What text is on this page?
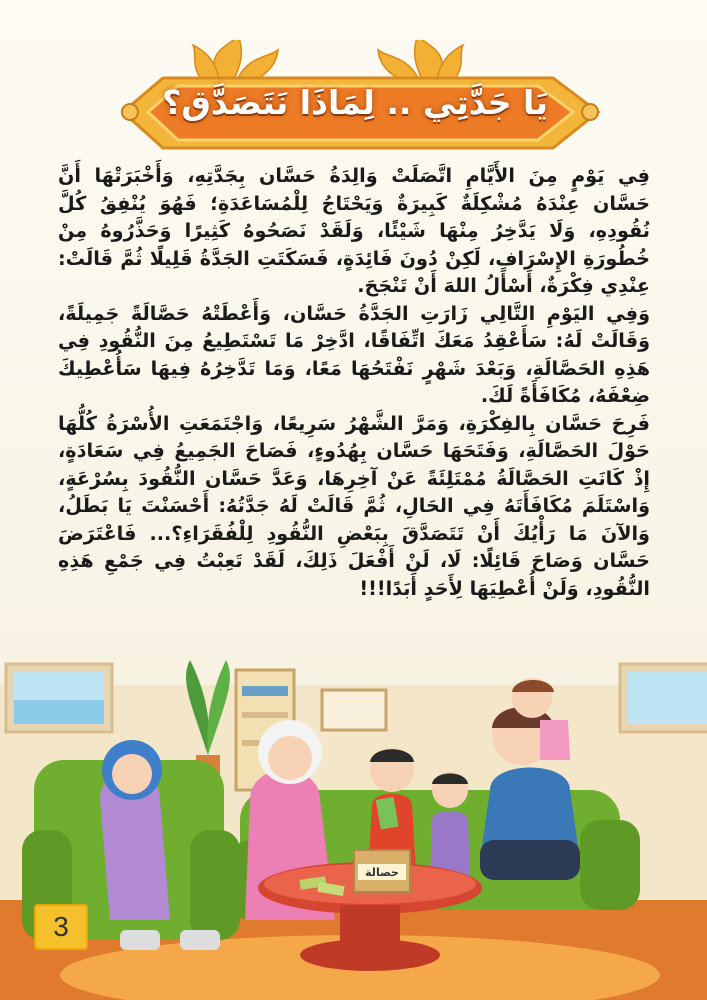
يَا جَدَّتِي .. لِمَاذَا نَتَصَدَّق؟
حصالة

فِي يَوْمٍ مِنَ الأَيَّامِ اتَّصَلَتْ وَالِدَةُ حَسَّان بِجَدَّتِهِ، وَأَخْبَرَتْهَا أَنَّ حَسَّان عِنْدَهُ مُشْكِلَةٌ كَبِيرَةٌ وَيَحْتَاجُ لِلْمُسَاعَدَةِ؛ فَهُوَ يُنْفِقُ كُلَّ نُقُودِهِ، وَلَا يَدَّخِرُ مِنْهَا شَيْئًا، وَلَقَدْ نَصَحُوهُ كَثِيرًا وَحَذَّرُوهُ مِنْ خُطُورَةِ الإِسْرَافِ، لَكِنْ دُونَ فَائِدَةٍ، فَسَكَتَتِ الجَدَّةُ قَلِيلًا ثُمَّ قَالَتْ: عِنْدِي فِكْرَةٌ، أَسْأَلُ اللهَ أَنْ تَنْجَحَ.

وَفِي اليَوْمِ التَّالِي زَارَتِ الجَدَّةُ حَسَّان، وَأَعْطَتْهُ حَصَّالَةً جَمِيلَةً، وَقَالَتْ لَهُ: سَأَعْقِدُ مَعَكَ اتِّفَاقًا، ادَّخِرْ مَا تَسْتَطِيعُ مِنَ النُّقُودِ فِي هَذِهِ الحَصَّالَةِ، وَبَعْدَ شَهْرٍ نَفْتَحُهَا مَعًا، وَمَا تَدَّخِرُهُ فِيهَا سَأُعْطِيكَ ضِعْفَهُ، مُكَافَأَةً لَكَ.

فَرِحَ حَسَّان بِالفِكْرَةِ، وَمَرَّ الشَّهْرُ سَرِيعًا، وَاجْتَمَعَتِ الأُسْرَةُ كُلُّهَا حَوْلَ الحَصَّالَةِ، وَفَتَحَهَا حَسَّان بِهُدُوءٍ، فَصَاحَ الجَمِيعُ فِي سَعَادَةٍ، إِذْ كَانَتِ الحَصَّالَةُ مُمْتَلِئَةً عَنْ آخِرِهَا، وَعَدَّ حَسَّان النُّقُودَ بِسُرْعَةٍ، وَاسْتَلَمَ مُكَافَأَتَهُ فِي الحَالِ، ثُمَّ قَالَتْ لَهُ جَدَّتُهُ: أَحْسَنْتَ يَا بَطَلُ، وَالآنَ مَا رَأْيُكَ أَنْ تَتَصَدَّقَ بِبَعْضِ النُّقُودِ لِلْفُقَرَاءِ؟... فَاعْتَرَضَ حَسَّان وَصَاحَ قَائِلًا: لَا، لَنْ أَفْعَلَ ذَلِكَ، لَقَدْ تَعِبْتُ فِي جَمْعِ هَذِهِ النُّقُودِ، وَلَنْ أُعْطِيَهَا لِأَحَدٍ أَبَدًا!!!

3
